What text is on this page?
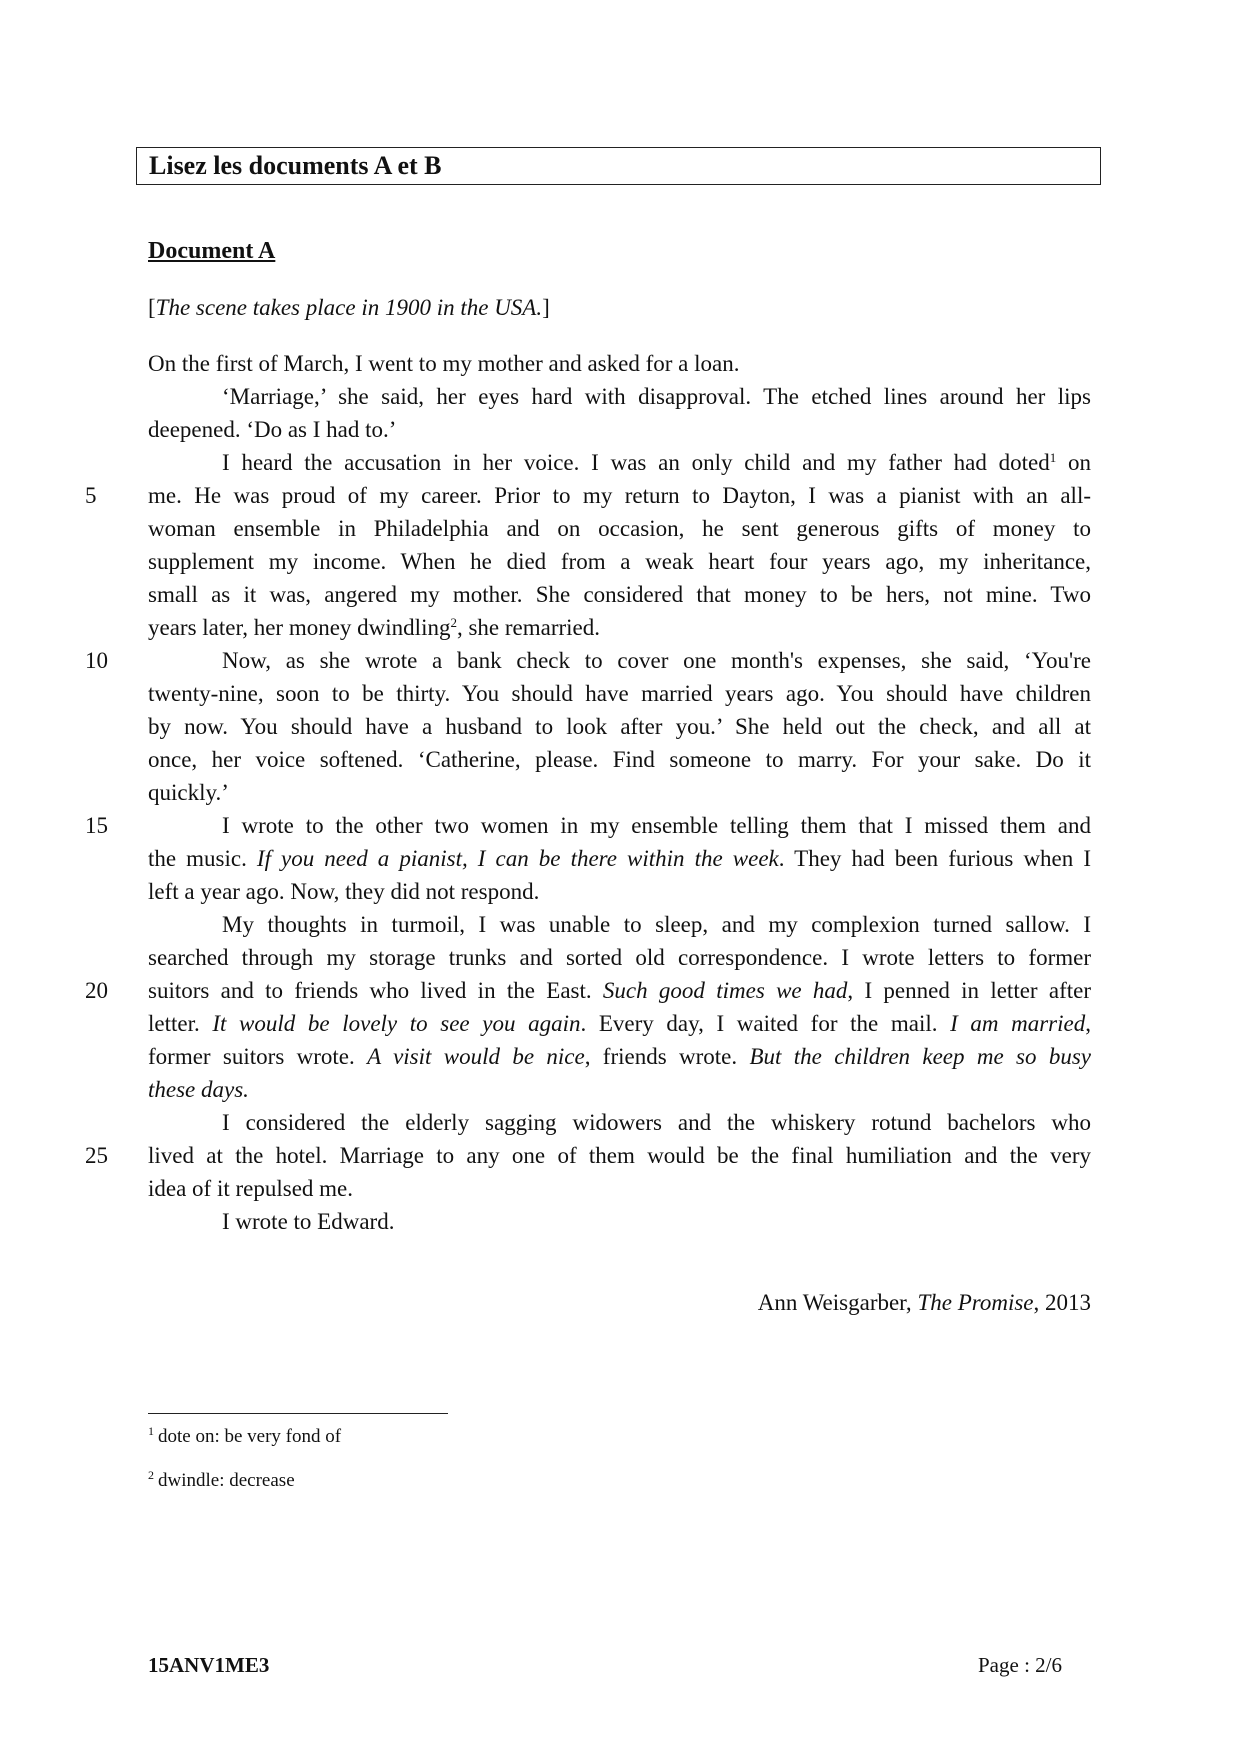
Lisez les documents A et B
Document A
[The scene takes place in 1900 in the USA.]
On the first of March, I went to my mother and asked for a loan.
‘Marriage,’ she said, her eyes hard with disapproval. The etched lines around her lips
deepened. ‘Do as I had to.’
I heard the accusation in her voice. I was an only child and my father had doted$^1$ on
5	me. He was proud of my career. Prior to my return to Dayton, I was a pianist with an all-
woman ensemble in Philadelphia and on occasion, he sent generous gifts of money to
supplement my income. When he died from a weak heart four years ago, my inheritance,
small as it was, angered my mother. She considered that money to be hers, not mine. Two
years later, her money dwindling$^2$, she remarried.
10	Now, as she wrote a bank check to cover one month's expenses, she said, ‘You're
twenty-nine, soon to be thirty. You should have married years ago. You should have children
by now. You should have a husband to look after you.’ She held out the check, and all at
once, her voice softened. ‘Catherine, please. Find someone to marry. For your sake. Do it
quickly.’
15	I wrote to the other two women in my ensemble telling them that I missed them and
the music. If you need a pianist, I can be there within the week. They had been furious when I
left a year ago. Now, they did not respond.
My thoughts in turmoil, I was unable to sleep, and my complexion turned sallow. I
searched through my storage trunks and sorted old correspondence. I wrote letters to former
20	suitors and to friends who lived in the East. Such good times we had, I penned in letter after
letter. It would be lovely to see you again. Every day, I waited for the mail. I am married,
former suitors wrote. A visit would be nice, friends wrote. But the children keep me so busy
these days.
I considered the elderly sagging widowers and the whiskery rotund bachelors who
25	lived at the hotel. Marriage to any one of them would be the final humiliation and the very
idea of it repulsed me.
I wrote to Edward.
Ann Weisgarber, The Promise, 2013
$^1$ dote on: be very fond of
$^2$ dwindle: decrease
15ANV1ME3	Page : 2/6
